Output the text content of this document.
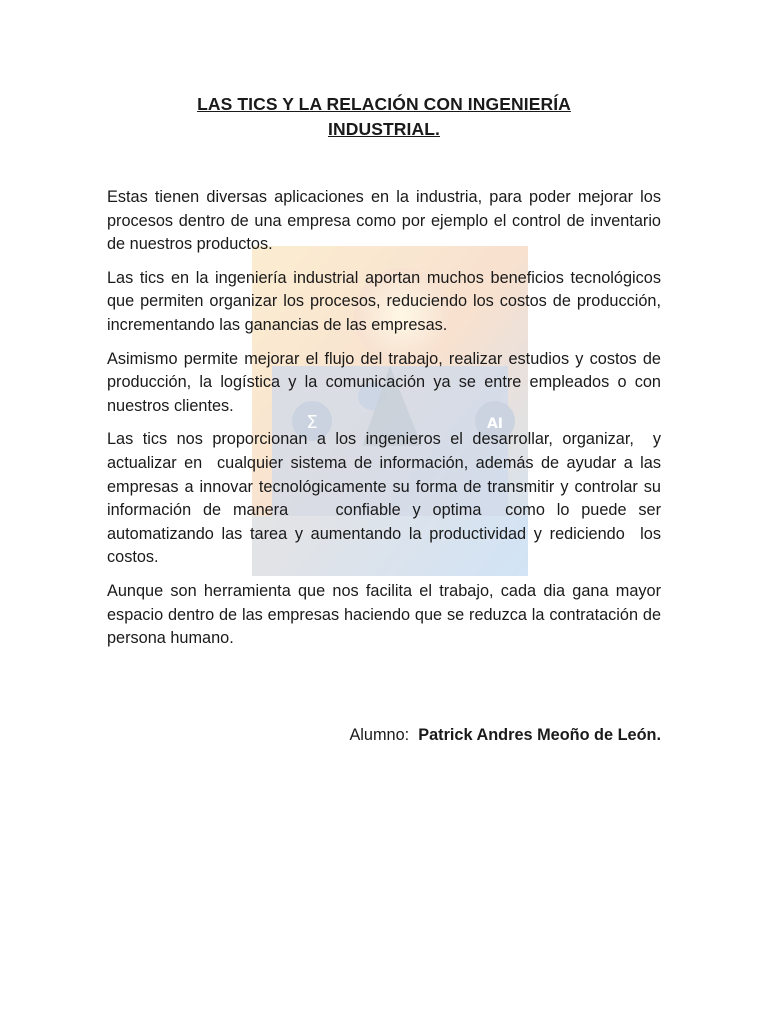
Σ	AI
LAS TICS Y LA RELACIÓN CON INGENIERÍA
INDUSTRIAL.

Estas tienen diversas aplicaciones en la industria, para poder mejorar los procesos dentro de una empresa como por ejemplo el control de inventario de nuestros productos.

Las tics en la ingeniería industrial aportan muchos beneficios tecnológicos    que permiten organizar los procesos, reduciendo los costos de producción, incrementando las ganancias de las empresas.

Asimismo permite mejorar el flujo del trabajo, realizar estudios y costos de producción, la logística y la comunicación ya se entre empleados o con nuestros clientes.

Las tics nos proporcionan a los ingenieros el desarrollar, organizar,  y actualizar en  cualquier sistema de información, además de ayudar a las empresas a innovar tecnológicamente su forma de transmitir y controlar su información de manera    confiable y optima  como lo puede ser automatizando las tarea y aumentando la productividad y rediciendo  los costos.

Aunque son herramienta que nos facilita el trabajo, cada dia gana mayor espacio dentro de las empresas haciendo que se reduzca la contratación de persona humano.

Alumno: Patrick Andres Meoño de León.
